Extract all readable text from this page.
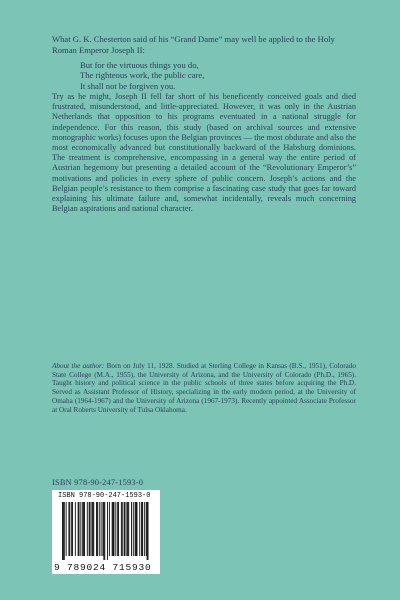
What G. K. Chesterton said of his “Grand Dame” may well be applied to the Holy Roman Emperor Joseph II:
But for the virtuous things you do,
The righteous work, the public care,
It shall not be forgiven you.

Try as he might, Joseph II fell far short of his beneficently conceived goals and died frustrated, misunderstood, and little-appreciated. However, it was only in the Austrian Netherlands that opposition to his programs eventuated in a national struggle for independence. For this reason, this study (based on archival sources and extensive monographic works) focuses upon the Belgian provinces — the most obdurate and also the most economically advanced but constitutionally backward of the Habsburg dominions. The treatment is comprehensive, encompassing in a general way the entire period of Austrian hegemony but presenting a detailed account of the “Revolutionary Emperor’s” motivations and policies in every sphere of public concern. Joseph’s actions and the Belgian people’s resistance to them comprise a fascinating case study that goes far toward explaining his ultimate failure and, somewhat incidentally, reveals much concerning Belgian aspirations and national character.

About the author: Born on July 11, 1928. Studied at Sterling College in Kansas (B.S., 1951), Colorado State College (M.A., 1955), the University of Arizona, and the University of Colorado (Ph.D., 1965). Taught history and political science in the public schools of three states before acquiring the Ph.D. Served as Assistant Professor of History, specializing in the early modern period, at the University of Omaha (1964-1967) and the University of Arizona (1967-1973). Recently appointed Associate Professor at Oral Roberts University of Tulsa Oklahoma.
ISBN 978-90-247-1593-0
ISBN 978-90-247-1593-0
9 789024 715930
